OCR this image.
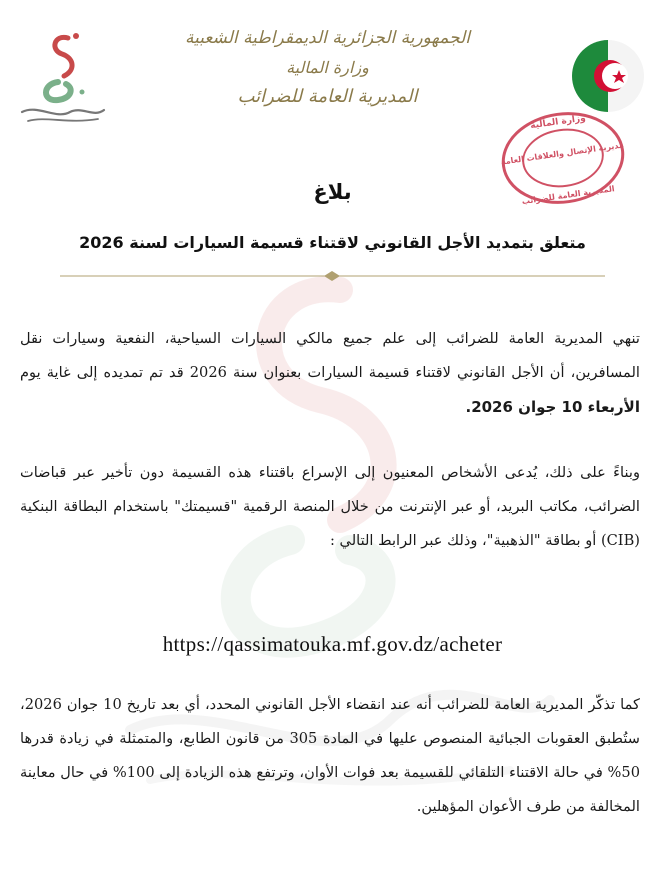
الجمهورية الجزائرية الديمقراطية الشعبية
وزارة المالية
المديرية العامة للضرائب
وزارة المالية
مديرية الإتصال والعلاقات العامة
المديرية العامة للضرائب
بلاغ
متعلق بتمديد الأجل القانوني لاقتناء قسيمة السيارات لسنة 2026
تنهي المديرية العامة للضرائب إلى علم جميع مالكي السيارات السياحية، النفعية وسيارات نقل المسافرين، أن الأجل القانوني لاقتناء قسيمة السيارات بعنوان سنة 2026 قد تم تمديده إلى غاية يوم الأربعاء 10 جوان 2026.
وبناءً على ذلك، يُدعى الأشخاص المعنيون إلى الإسراع باقتناء هذه القسيمة دون تأخير عبر قباضات الضرائب، مكاتب البريد، أو عبر الإنترنت من خلال المنصة الرقمية "قسيمتك" باستخدام البطاقة البنكية (CIB) أو بطاقة "الذهبية"، وذلك عبر الرابط التالي :
https://qassimatouka.mf.gov.dz/acheter
كما تذكّر المديرية العامة للضرائب أنه عند انقضاء الأجل القانوني المحدد، أي بعد تاريخ 10 جوان 2026، ستُطبق العقوبات الجبائية المنصوص عليها في المادة 305 من قانون الطابع، والمتمثلة في زيادة قدرها 50% في حالة الاقتناء التلقائي للقسيمة بعد فوات الأوان، وترتفع هذه الزيادة إلى 100% في حال معاينة المخالفة من طرف الأعوان المؤهلين.
